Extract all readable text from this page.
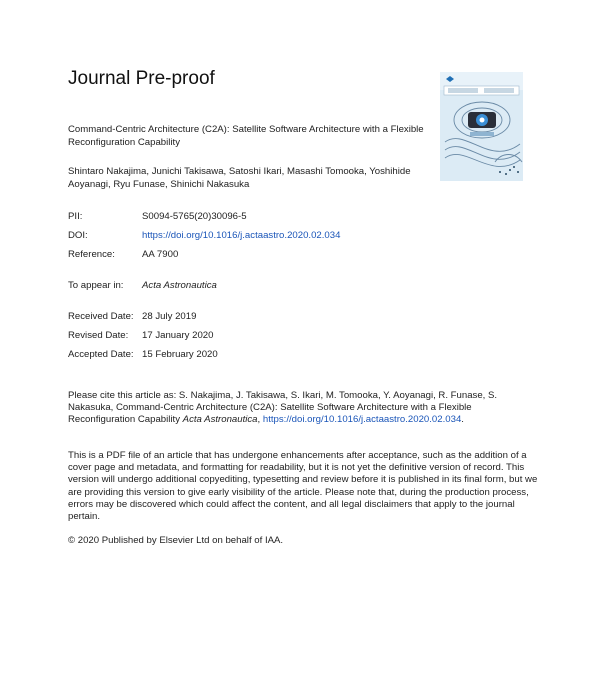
Journal Pre-proof
Command-Centric Architecture (C2A): Satellite Software Architecture with a Flexible Reconfiguration Capability
Shintaro Nakajima, Junichi Takisawa, Satoshi Ikari, Masashi Tomooka, Yoshihide Aoyanagi, Ryu Funase, Shinichi Nakasuka
PII:	S0094-5765(20)30096-5
DOI:	https://doi.org/10.1016/j.actaastro.2020.02.034
Reference:	AA 7900
To appear in: Acta Astronautica
Received Date: 28 July 2019
Revised Date: 17 January 2020
Accepted Date: 15 February 2020
Please cite this article as: S. Nakajima, J. Takisawa, S. Ikari, M. Tomooka, Y. Aoyanagi, R. Funase, S. Nakasuka, Command-Centric Architecture (C2A): Satellite Software Architecture with a Flexible Reconfiguration Capability Acta Astronautica, https://doi.org/10.1016/j.actaastro.2020.02.034.
This is a PDF file of an article that has undergone enhancements after acceptance, such as the addition of a cover page and metadata, and formatting for readability, but it is not yet the definitive version of record. This version will undergo additional copyediting, typesetting and review before it is published in its final form, but we are providing this version to give early visibility of the article. Please note that, during the production process, errors may be discovered which could affect the content, and all legal disclaimers that apply to the journal pertain.
© 2020 Published by Elsevier Ltd on behalf of IAA.
